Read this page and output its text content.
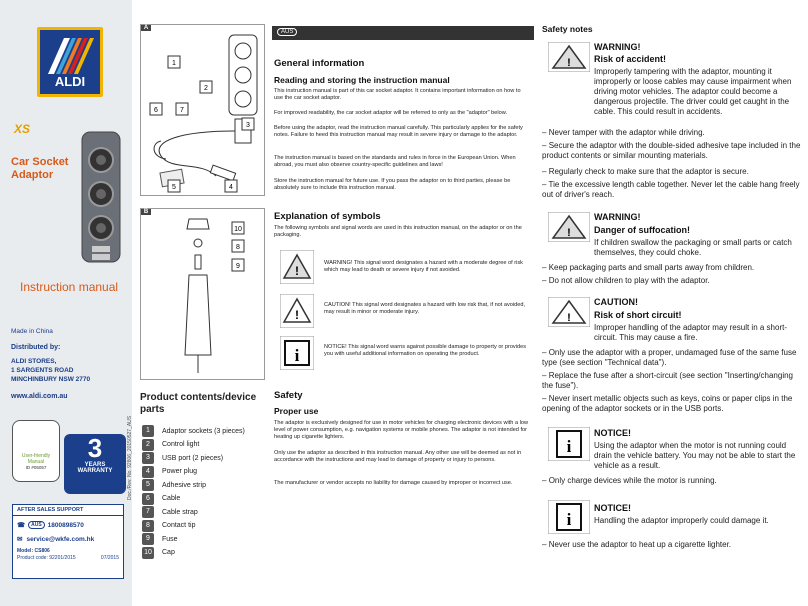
ALDI
XS
Car Socket
Adaptor
Instruction manual
Made in China
Distributed by:
ALDI STORES,
1 SARGENTS ROAD
MINCHINBURY NSW 2770
www.aldi.com.au
User-friendly Manual
ID #05057
3
YEARS
WARRANTY
AFTER SALES SUPPORT
☎	AUS 1800898570
✉ service@wkfe.com.hk
Model: CS806
Product code: 92201/2015	07/2015
A
B
1
2
3
4
5
6	7
8
9
10
Product contents/device parts
1	Adaptor sockets (3 pieces)
2	Control light
3	USB port (2 pieces)
4	Power plug
5	Adhesive strip
6	Cable
7	Cable strap
8	Contact tip
9	Fuse
10	Cap
Doc./Rev. No. 92806_20150527_AUS
AUS
General information
Reading and storing the instruction manual

This instruction manual is part of this car socket adaptor. It contains important information on how to use the car socket adaptor.

For improved readability, the car socket adaptor will be referred to only as the "adaptor" below.

Before using the adaptor, read the instruction manual carefully. This particularly applies for the safety notes. Failure to heed this instruction manual may result in severe injury or damage to the adaptor.

The instruction manual is based on the standards and rules in force in the European Union. When abroad, you must also observe country-specific guidelines and laws!

Store the instruction manual for future use. If you pass the adaptor on to third parties, please be absolutely sure to include this instruction manual.

Explanation of symbols

The following symbols and signal words are used in this instruction manual, on the adaptor or on the packaging.

!

WARNING! This signal word designates a hazard with a moderate degree of risk which may lead to death or severe injury if not avoided.

!

CAUTION! This signal word designates a hazard with low risk that, if not avoided, may result in minor or moderate injury.

i	NOTICE! This signal word warns against possible damage to property or provides you with useful additional information on operating the product.

Safety
Proper use

The adaptor is exclusively designed for use in motor vehicles for charging electronic devices with a low level of power consumption, e.g. navigation systems or mobile phones. The adaptor is not intended for heating up cigarette lighters.

Only use the adaptor as described in this instruction manual. Any other use will be deemed as not in accordance with the instructions and may lead to damage of property or injury to persons.

The manufacturer or vendor accepts no liability for damage caused by improper or incorrect use.

Safety notes
!
WARNING!
Risk of accident!
Improperly tampering with the adaptor, mounting it improperly or loose cables may cause impairment when driving motor vehicles. The adaptor could become a dangerous projectile. The driver could get caught in the cable. This could result in accidents.
– Never tamper with the adaptor while driving.
– Secure the adaptor with the double-sided adhesive tape included in the product contents or similar mounting materials.
– Regularly check to make sure that the adaptor is secure.
– Tie the excessive length cable together. Never let the cable hang freely out of driver's reach.
!
WARNING!
Danger of suffocation!
If children swallow the packaging or small parts or catch themselves, they could choke.
– Keep packaging parts and small parts away from children.
– Do not allow children to play with the adaptor.
!
CAUTION!
Risk of short circuit!
Improper handling of the adaptor may result in a short-circuit. This may cause a fire.
– Only use the adaptor with a proper, undamaged fuse of the same fuse type (see section "Technical data").
– Replace the fuse after a short-circuit (see section "Inserting/changing the fuse").
– Never insert metallic objects such as keys, coins or paper clips in the opening of the adaptor sockets or in the USB ports.
i
NOTICE!
Using the adaptor when the motor is not running could drain the vehicle battery. You may not be able to start the vehicle as a result.
– Only charge devices while the motor is running.
i
NOTICE!
Handling the adaptor improperly could damage it.
– Never use the adaptor to heat up a cigarette lighter.
